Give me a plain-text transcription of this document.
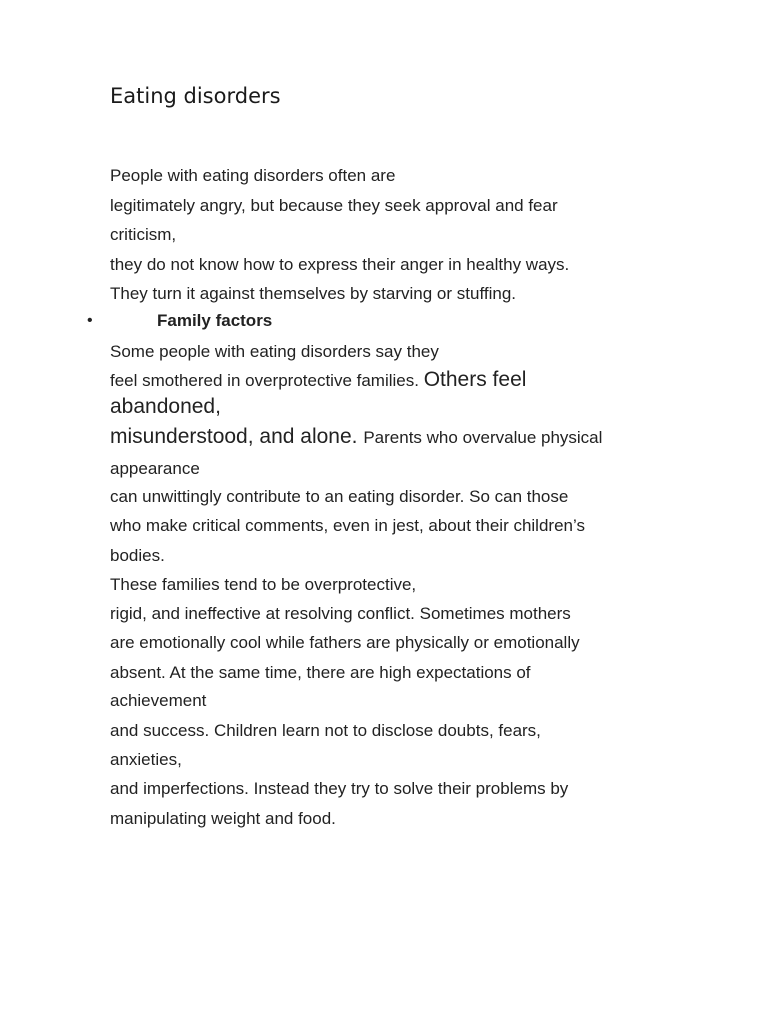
Eating disorders
People with eating disorders often are
legitimately angry, but because they seek approval and fear
criticism,
they do not know how to express their anger in healthy ways.
They turn it against themselves by starving or stuffing.
•	Family factors
Some people with eating disorders say they
feel smothered in overprotective families. Others feel
abandoned,
misunderstood, and alone. Parents who overvalue physical
appearance
can unwittingly contribute to an eating disorder. So can those
who make critical comments, even in jest, about their children’s
bodies.
These families tend to be overprotective,
rigid, and ineffective at resolving conflict. Sometimes mothers
are emotionally cool while fathers are physically or emotionally
absent. At the same time, there are high expectations of
achievement
and success. Children learn not to disclose doubts, fears,
anxieties,
and imperfections. Instead they try to solve their problems by
manipulating weight and food.
